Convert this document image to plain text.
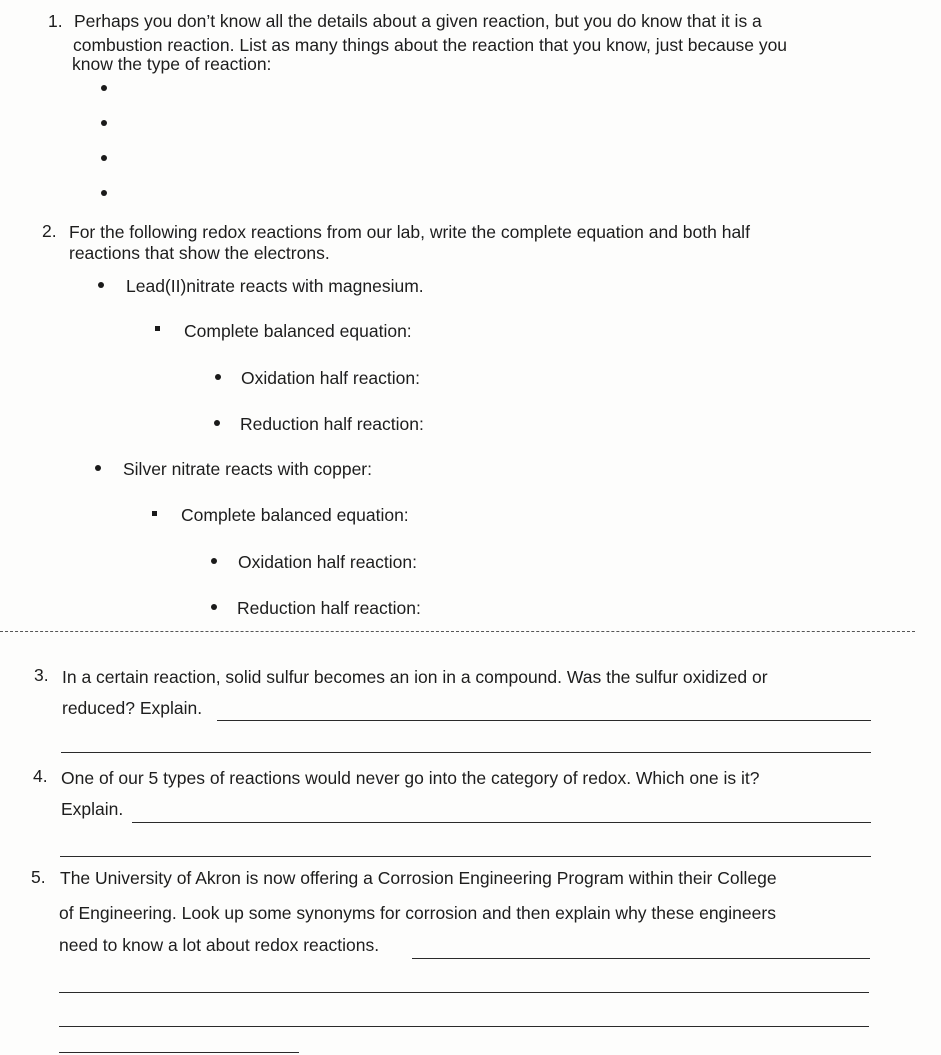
1. Perhaps you don’t know all the details about a given reaction, but you do know that it is a
combustion reaction. List as many things about the reaction that you know, just because you
know the type of reaction:
2. For the following redox reactions from our lab, write the complete equation and both half
reactions that show the electrons.
Lead(II)nitrate reacts with magnesium.
Complete balanced equation:
Oxidation half reaction:
Reduction half reaction:
Silver nitrate reacts with copper:
Complete balanced equation:
Oxidation half reaction:
Reduction half reaction:
3. In a certain reaction, solid sulfur becomes an ion in a compound. Was the sulfur oxidized or
reduced? Explain.
4. One of our 5 types of reactions would never go into the category of redox. Which one is it?
Explain.
5. The University of Akron is now offering a Corrosion Engineering Program within their College
of Engineering. Look up some synonyms for corrosion and then explain why these engineers
need to know a lot about redox reactions.
